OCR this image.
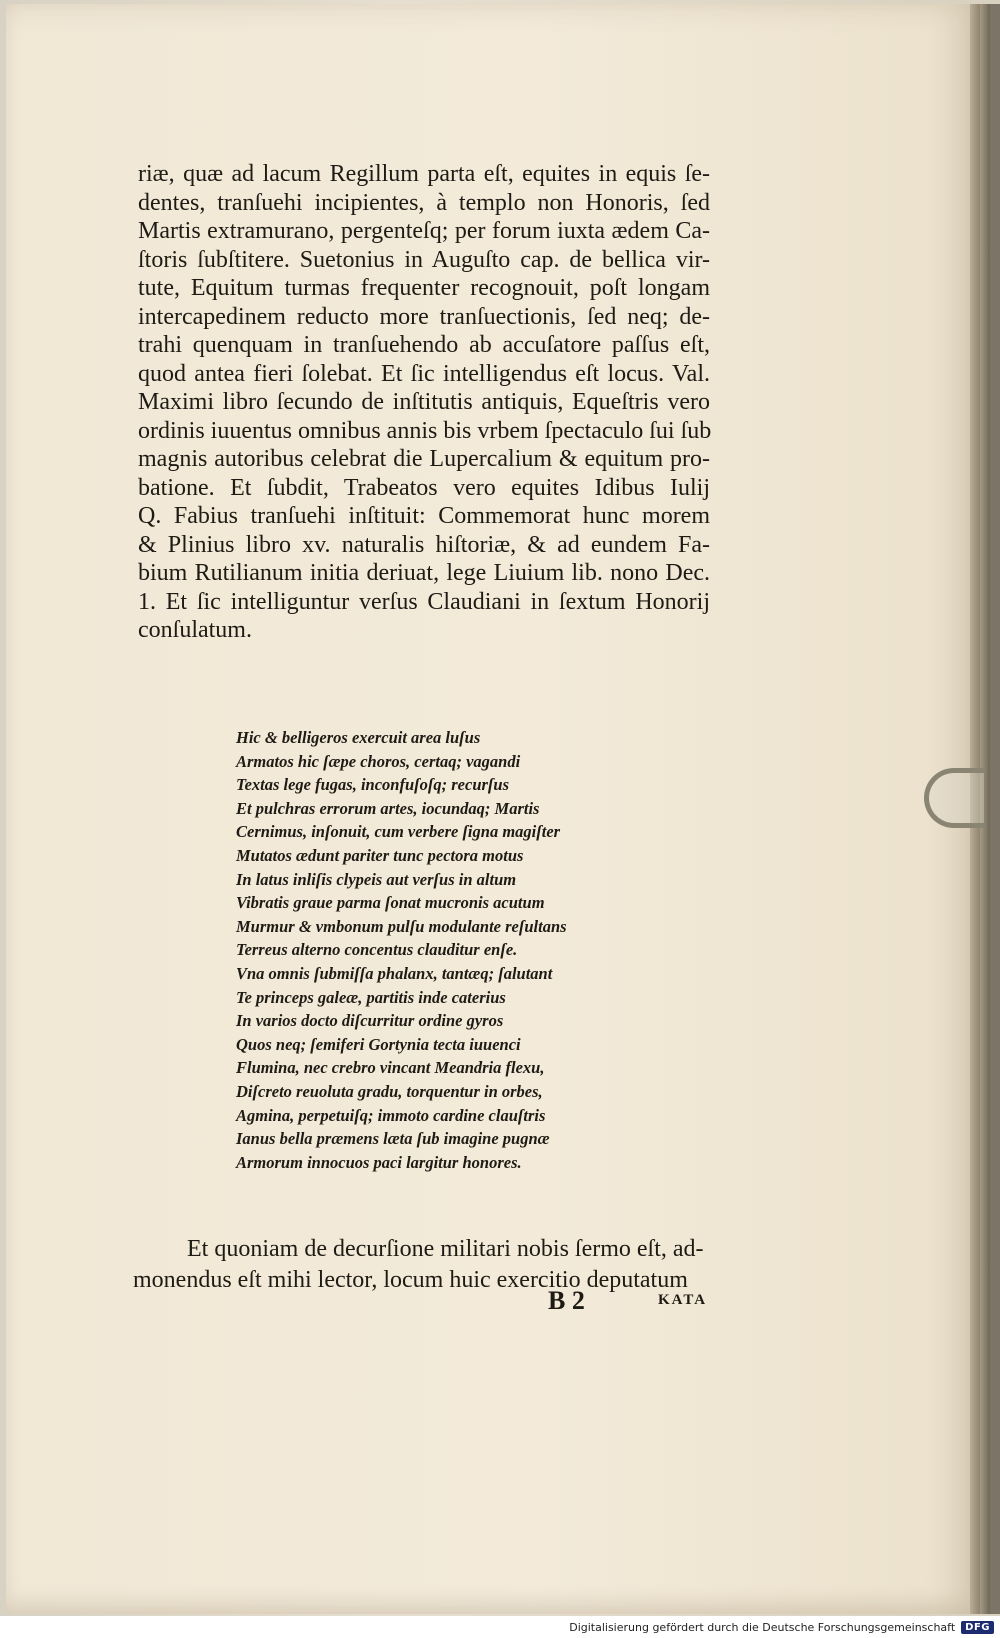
riæ, quæ ad lacum Regillum parta eſt, equites in equis ſe-
dentes, tranſuehi incipientes, à templo non Honoris, ſed
Martis extramurano, pergenteſq; per forum iuxta ædem Ca-
ſtoris ſubſtitere. Suetonius in Auguſto cap. de bellica vir-
tute, Equitum turmas frequenter recognouit, poſt longam
intercapedinem reducto more tranſuectionis, ſed neq; de-
trahi quenquam in tranſuehendo ab accuſatore paſſus eſt,
quod antea fieri ſolebat. Et ſic intelligendus eſt locus. Val.
Maximi libro ſecundo de inſtitutis antiquis, Equeſtris vero
ordinis iuuentus omnibus annis bis vrbem ſpectaculo ſui ſub
magnis autoribus celebrat die Lupercalium & equitum pro-
batione. Et ſubdit, Trabeatos vero equites Idibus Iulij
Q. Fabius tranſuehi inſtituit: Commemorat hunc morem
& Plinius libro xv. naturalis hiſtoriæ, & ad eundem Fa-
bium Rutilianum initia deriuat, lege Liuium lib. nono Dec.
1. Et ſic intelliguntur verſus Claudiani in ſextum Honorij
conſulatum.
Hic & belligeros exercuit area luſus
Armatos hic ſæpe choros, certaq; vagandi
Textas lege fugas, inconfuſoſq; recurſus
Et pulchras errorum artes, iocundaq; Martis
Cernimus, inſonuit, cum verbere ſigna magiſter
Mutatos ædunt pariter tunc pectora motus
In latus inliſis clypeis aut verſus in altum
Vibratis graue parma ſonat mucronis acutum
Murmur & vmbonum pulſu modulante reſultans
Terreus alterno concentus clauditur enſe.
Vna omnis ſubmiſſa phalanx, tantæq; ſalutant
Te princeps galeæ, partitis inde caterius
In varios docto diſcurritur ordine gyros
Quos neq; ſemiferi Gortynia tecta iuuenci
Flumina, nec crebro vincant Meandria flexu,
Diſcreto reuoluta gradu, torquentur in orbes,
Agmina, perpetuiſq; immoto cardine clauſtris
Ianus bella præmens læta ſub imagine pugnæ
Armorum innocuos paci largitur honores.
Et quoniam de decurſione militari nobis ſermo eſt, ad-
monendus eſt mihi lector, locum huic exercitio deputatum
B 2	KATA
Digitalisierung gefördert durch die Deutsche Forschungsgemeinschaft	DFG
